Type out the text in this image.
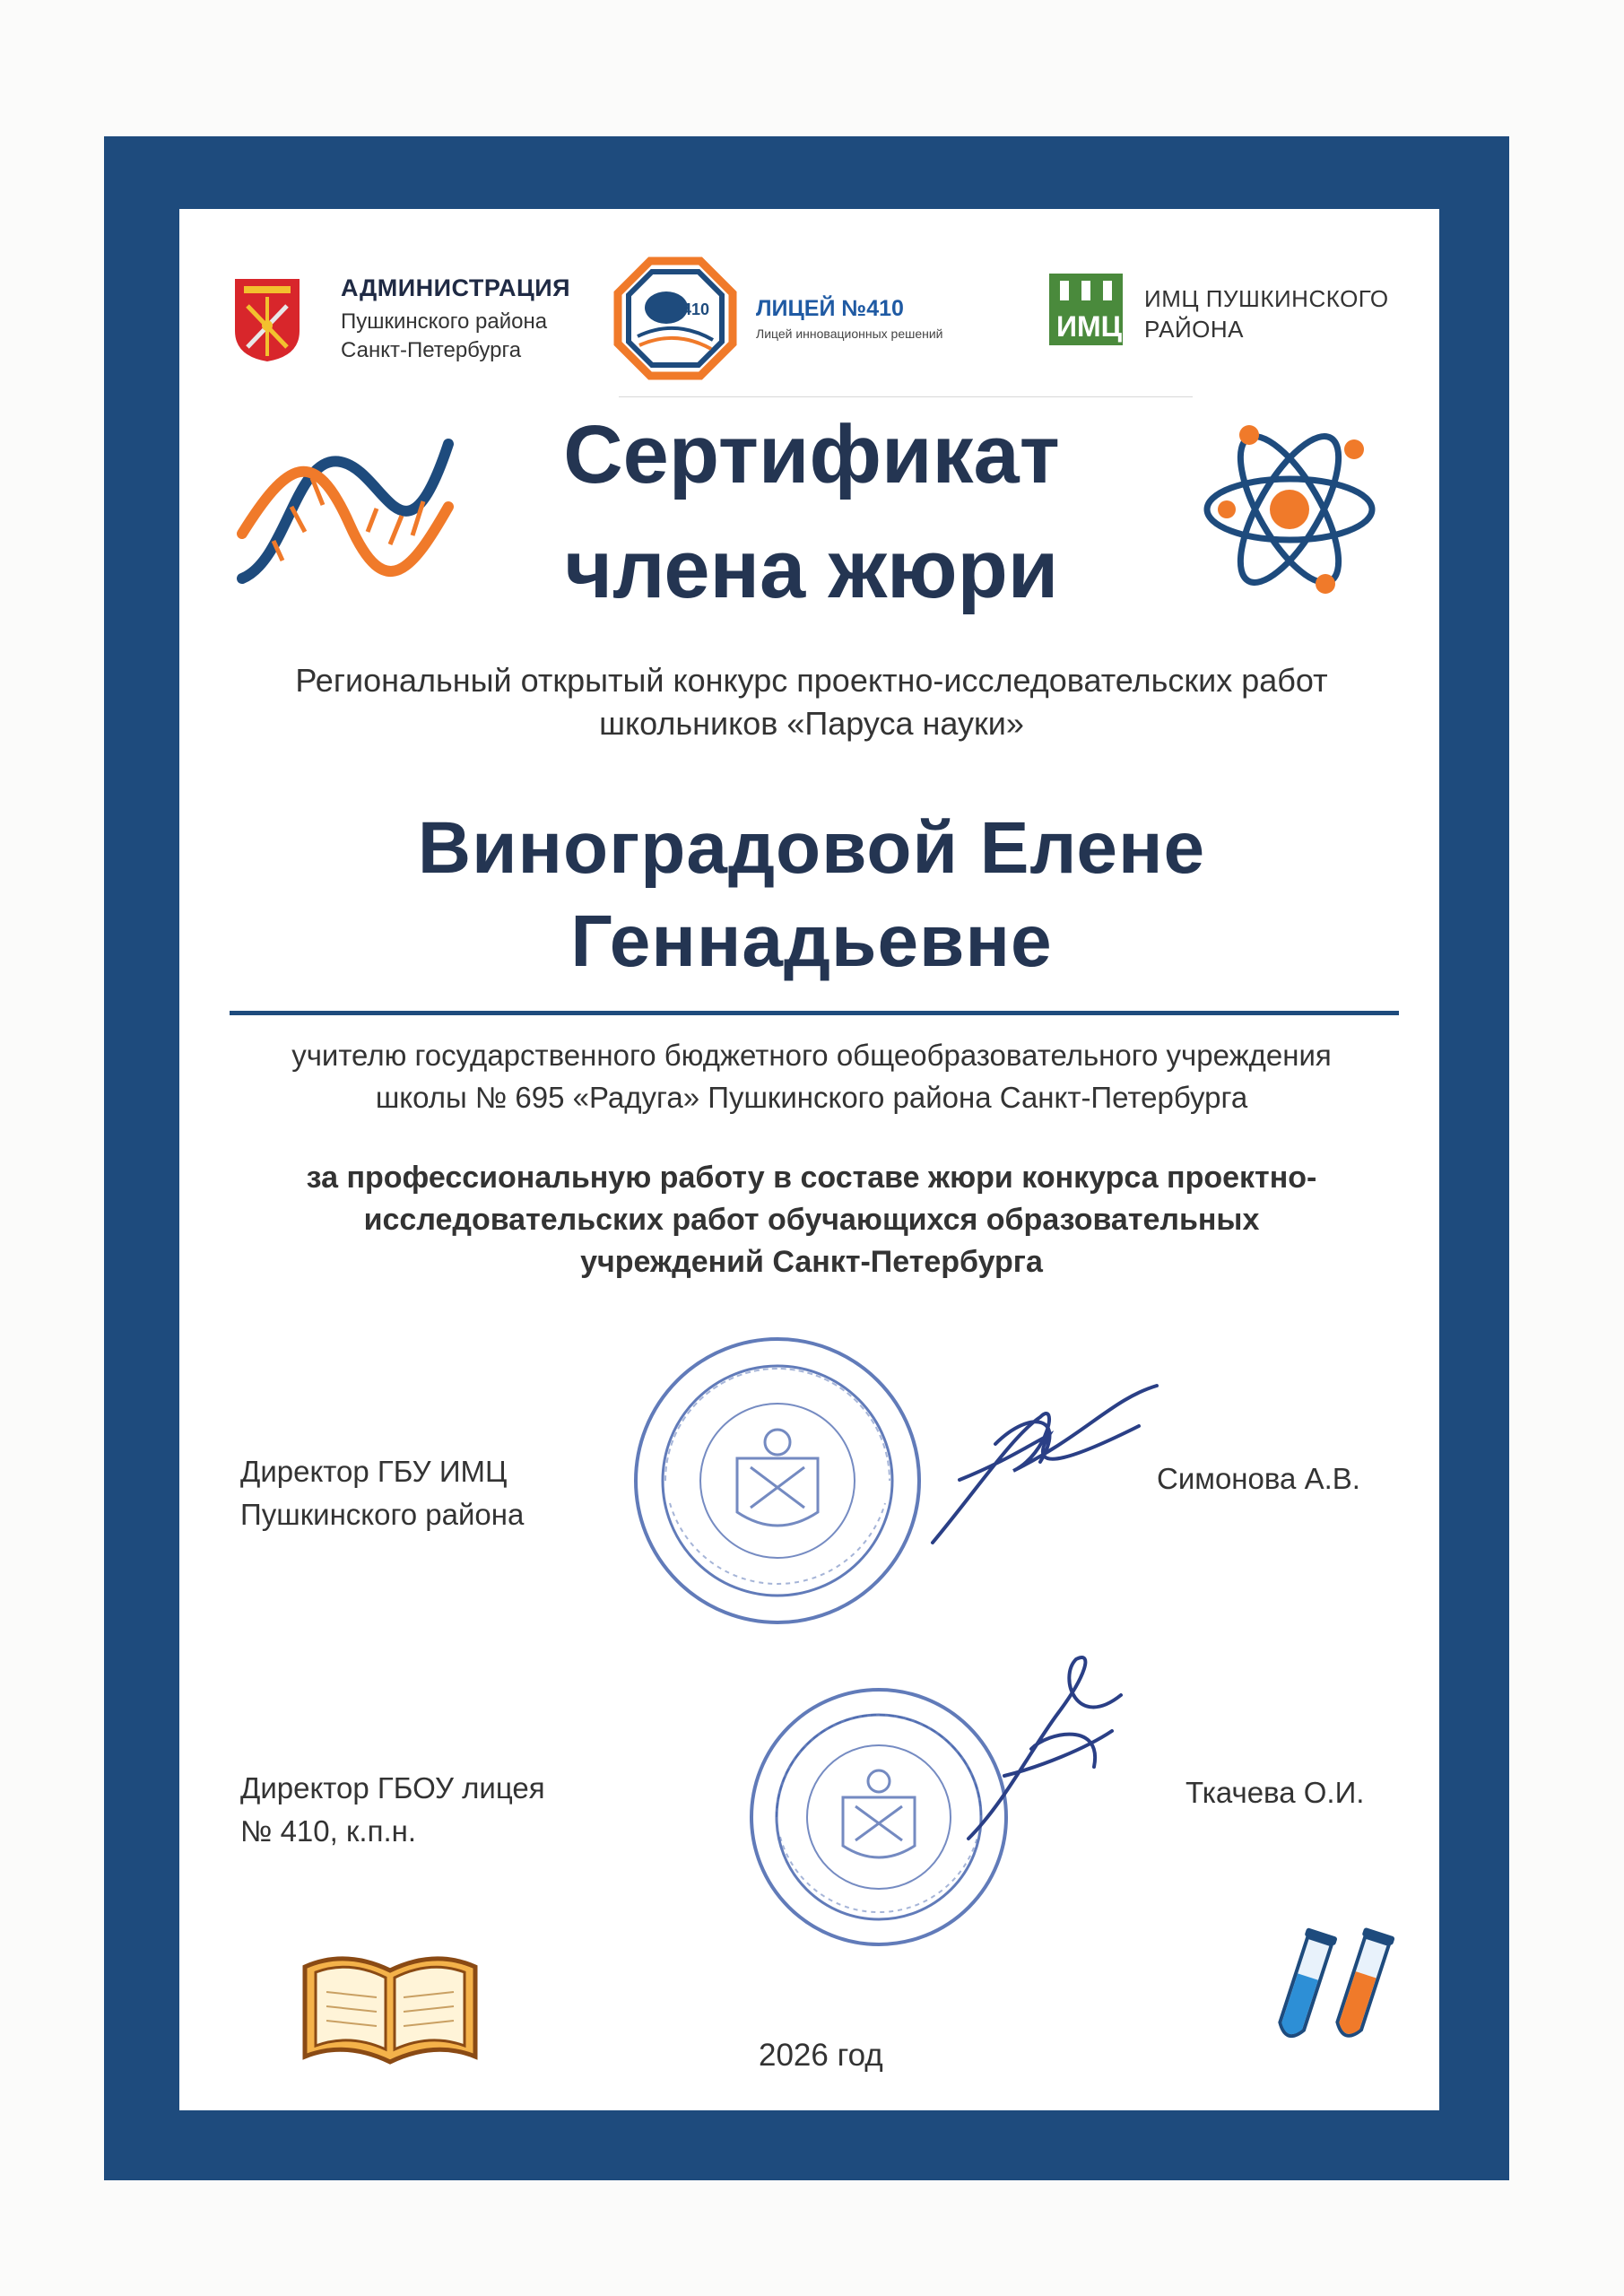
АДМИНИСТРАЦИЯ
Пушкинского района
Санкт-Петербурга
410 ЛИЦЕЙ №410
Лицей инновационных решений	ИМЦ
ИМЦ ПУШКИНСКОГО
РАЙОНА
Сертификат
члена жюри
Региональный открытый конкурс проектно-исследовательских работ
школьников «Паруса науки»
Виноградовой Елене
Геннадьевне
учителю государственного бюджетного общеобразовательного учреждения
школы № 695 «Радуга» Пушкинского района Санкт-Петербурга
за профессиональную работу в составе жюри конкурса проектно-
исследовательских работ обучающихся образовательных
учреждений Санкт-Петербурга
Директор ГБУ ИМЦ
Пушкинского района
Симонова А.В.
Директор ГБОУ лицея
№ 410, к.п.н.
Ткачева О.И.
2026 год
